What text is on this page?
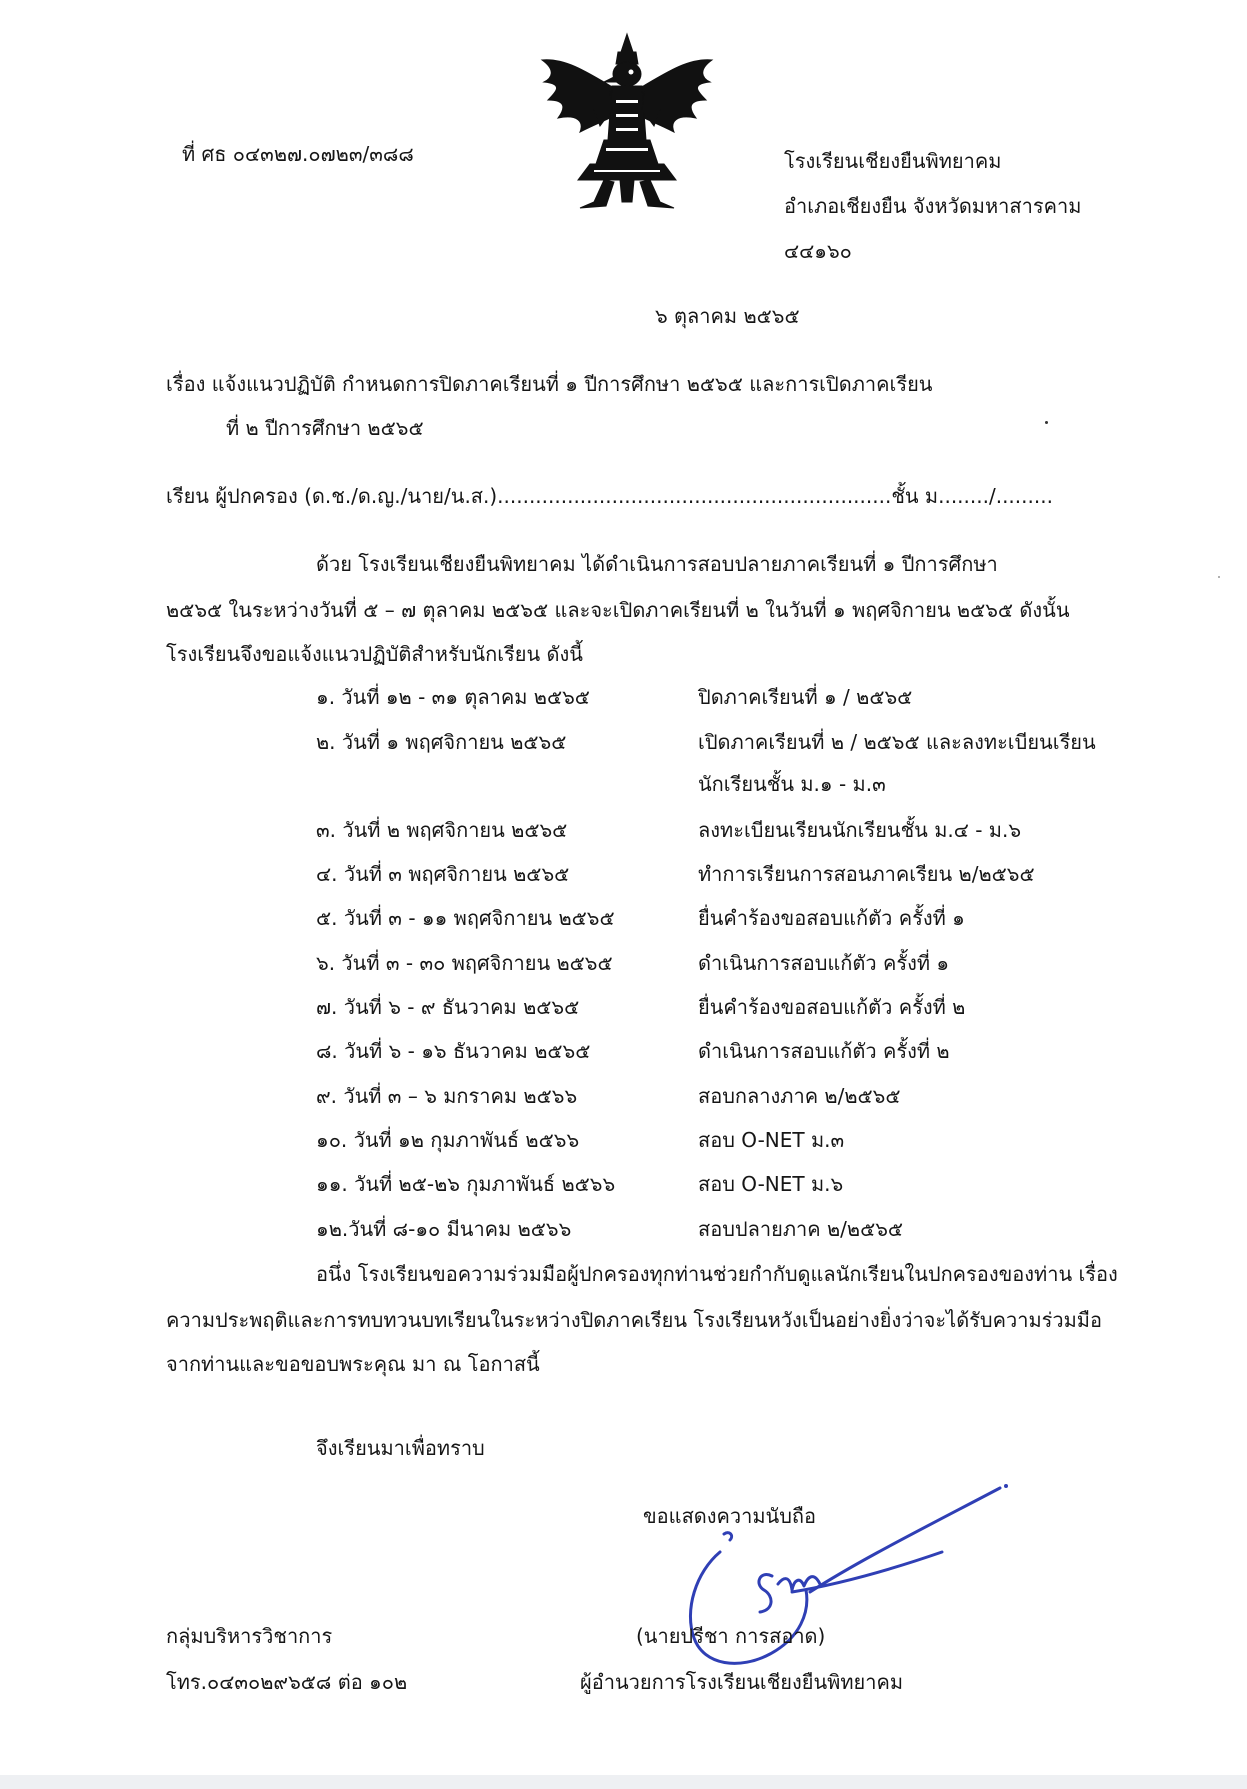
ที่ ศธ ๐๔๓๒๗.๐๗๒๓/๓๘๘	โรงเรียนเชียงยืนพิทยาคม
อำเภอเชียงยืน จังหวัดมหาสารคาม
๔๔๑๖๐
๖ ตุลาคม ๒๕๖๕
เรื่อง แจ้งแนวปฏิบัติ กำหนดการปิดภาคเรียนที่ ๑ ปีการศึกษา ๒๕๖๕ และการเปิดภาคเรียน
ที่ ๒ ปีการศึกษา ๒๕๖๕
เรียน ผู้ปกครอง (ด.ช./ด.ญ./นาย/น.ส.)..............................................................ชั้น ม......../.........
ด้วย โรงเรียนเชียงยืนพิทยาคม ได้ดำเนินการสอบปลายภาคเรียนที่ ๑ ปีการศึกษา
๒๕๖๕ ในระหว่างวันที่ ๕ – ๗ ตุลาคม ๒๕๖๕ และจะเปิดภาคเรียนที่ ๒ ในวันที่ ๑ พฤศจิกายน ๒๕๖๕ ดังนั้น
โรงเรียนจึงขอแจ้งแนวปฏิบัติสำหรับนักเรียน ดังนี้
๑. วันที่ ๑๒ - ๓๑ ตุลาคม ๒๕๖๕	ปิดภาคเรียนที่ ๑ / ๒๕๖๕
๒. วันที่ ๑ พฤศจิกายน ๒๕๖๕	เปิดภาคเรียนที่ ๒ / ๒๕๖๕ และลงทะเบียนเรียน
นักเรียนชั้น ม.๑ - ม.๓
๓. วันที่ ๒ พฤศจิกายน ๒๕๖๕	ลงทะเบียนเรียนนักเรียนชั้น ม.๔ - ม.๖
๔. วันที่ ๓ พฤศจิกายน ๒๕๖๕	ทำการเรียนการสอนภาคเรียน ๒/๒๕๖๕
๕. วันที่ ๓ - ๑๑ พฤศจิกายน ๒๕๖๕	ยื่นคำร้องขอสอบแก้ตัว ครั้งที่ ๑
๖. วันที่ ๓ - ๓๐ พฤศจิกายน ๒๕๖๕	ดำเนินการสอบแก้ตัว ครั้งที่ ๑
๗. วันที่ ๖ - ๙ ธันวาคม ๒๕๖๕	ยื่นคำร้องขอสอบแก้ตัว ครั้งที่ ๒
๘. วันที่ ๖ - ๑๖ ธันวาคม ๒๕๖๕	ดำเนินการสอบแก้ตัว ครั้งที่ ๒
๙. วันที่ ๓ – ๖ มกราคม ๒๕๖๖	สอบกลางภาค ๒/๒๕๖๕
๑๐. วันที่ ๑๒ กุมภาพันธ์ ๒๕๖๖	สอบ O-NET ม.๓
๑๑. วันที่ ๒๕-๒๖ กุมภาพันธ์ ๒๕๖๖	สอบ O-NET ม.๖
๑๒.วันที่ ๘-๑๐ มีนาคม ๒๕๖๖	สอบปลายภาค ๒/๒๕๖๕
อนึ่ง โรงเรียนขอความร่วมมือผู้ปกครองทุกท่านช่วยกำกับดูแลนักเรียนในปกครองของท่าน เรื่อง
ความประพฤติและการทบทวนบทเรียนในระหว่างปิดภาคเรียน โรงเรียนหวังเป็นอย่างยิ่งว่าจะได้รับความร่วมมือ
จากท่านและขอขอบพระคุณ มา ณ โอกาสนี้
จึงเรียนมาเพื่อทราบ
ขอแสดงความนับถือ
(นายปรีชา การสอาด)
ผู้อำนวยการโรงเรียนเชียงยืนพิทยาคม
กลุ่มบริหารวิชาการ
โทร.๐๔๓๐๒๙๖๕๘ ต่อ ๑๐๒
